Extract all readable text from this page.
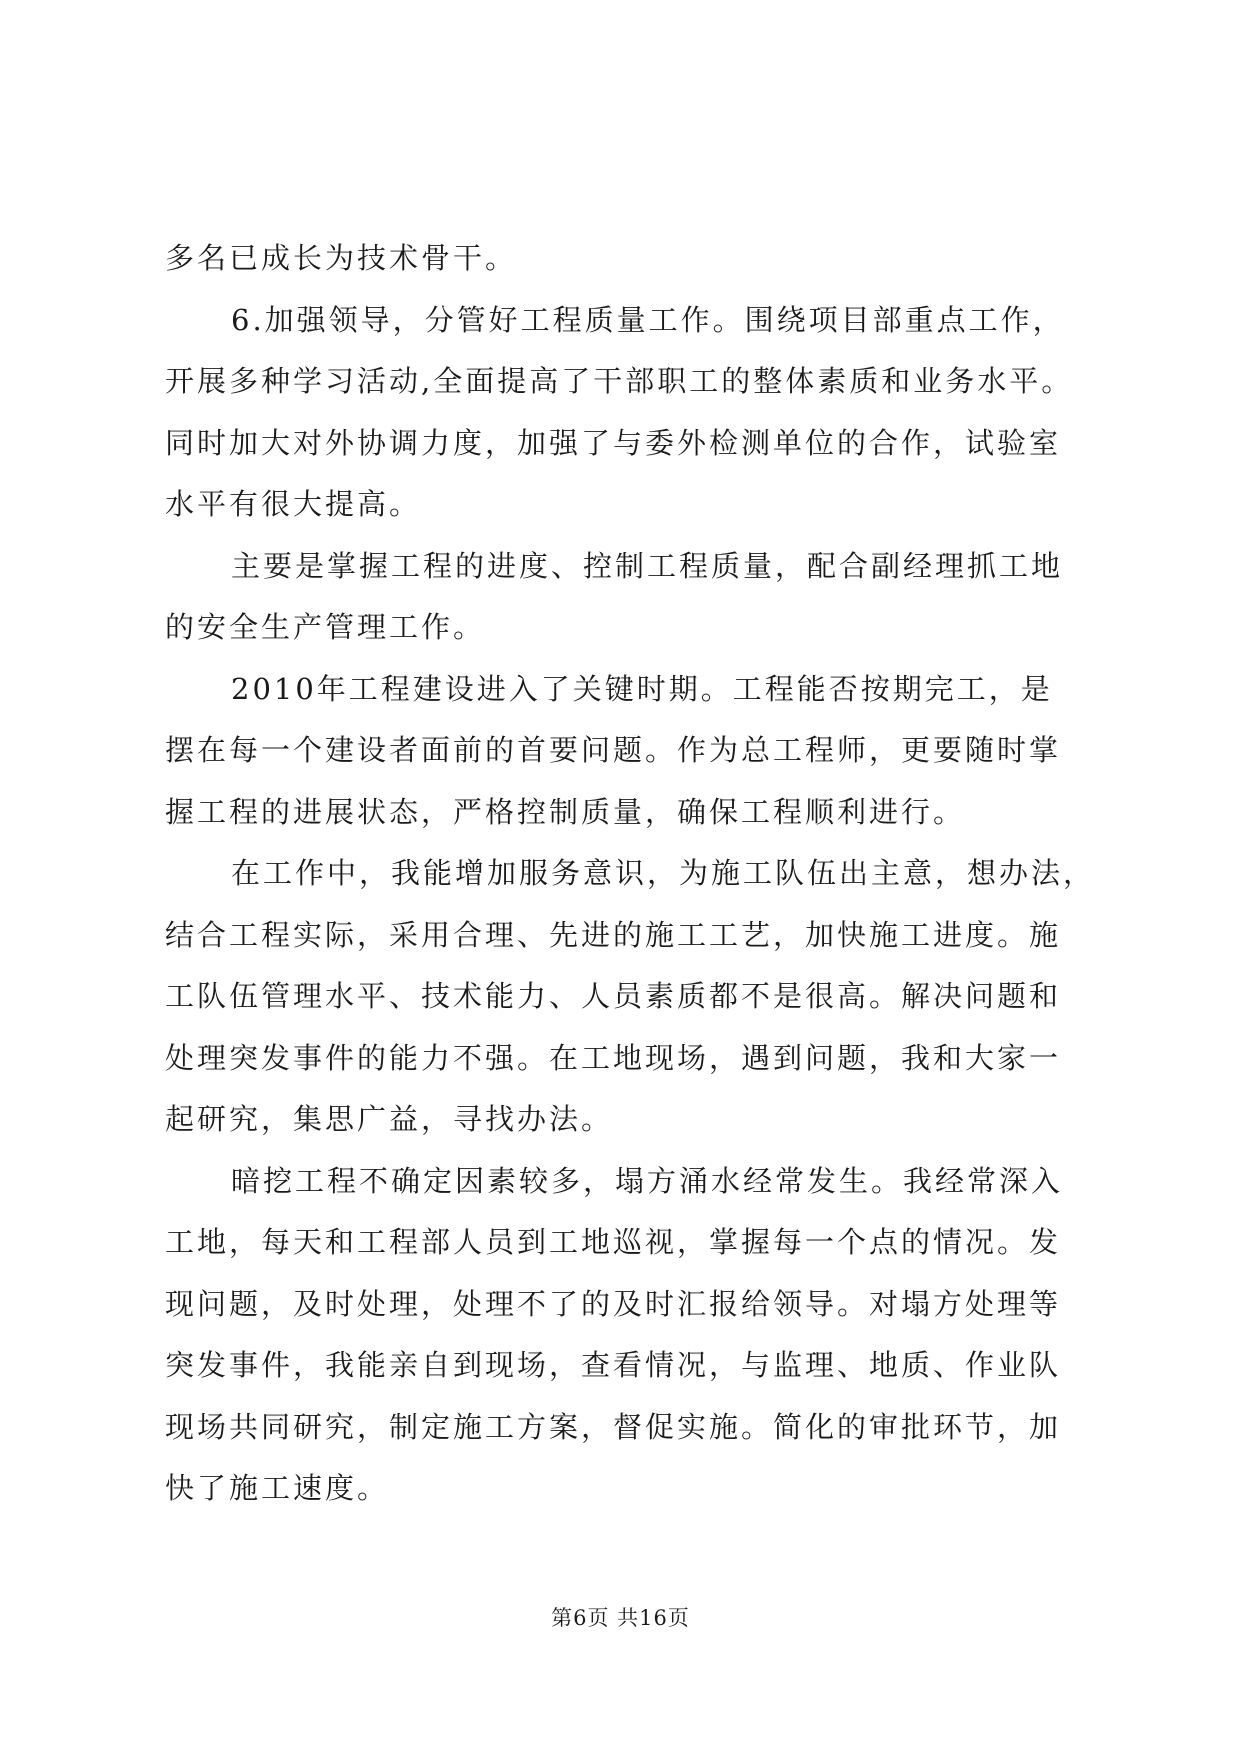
多名已成长为技术骨干。
6.加强领导，分管好工程质量工作。围绕项目部重点工作，
开展多种学习活动,全面提高了干部职工的整体素质和业务水平。
同时加大对外协调力度，加强了与委外检测单位的合作，试验室
水平有很大提高。
主要是掌握工程的进度、控制工程质量，配合副经理抓工地
的安全生产管理工作。
2010年工程建设进入了关键时期。工程能否按期完工，是
摆在每一个建设者面前的首要问题。作为总工程师，更要随时掌
握工程的进展状态，严格控制质量，确保工程顺利进行。
在工作中，我能增加服务意识，为施工队伍出主意，想办法，
结合工程实际，采用合理、先进的施工工艺，加快施工进度。施
工队伍管理水平、技术能力、人员素质都不是很高。解决问题和
处理突发事件的能力不强。在工地现场，遇到问题，我和大家一
起研究，集思广益，寻找办法。
暗挖工程不确定因素较多，塌方涌水经常发生。我经常深入
工地，每天和工程部人员到工地巡视，掌握每一个点的情况。发
现问题，及时处理，处理不了的及时汇报给领导。对塌方处理等
突发事件，我能亲自到现场，查看情况，与监理、地质、作业队
现场共同研究，制定施工方案，督促实施。简化的审批环节，加
快了施工速度。
第6页 共16页
